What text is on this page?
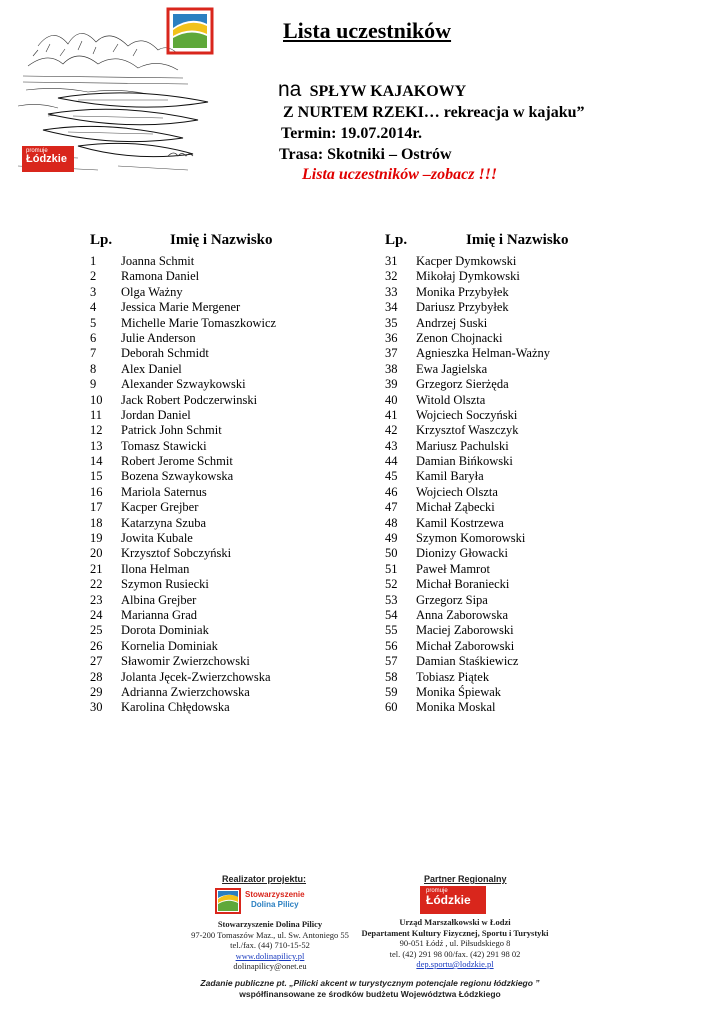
promuje
Łódzkie
Lista uczestników
na SPŁYW KAJAKOWY
Z NURTEM RZEKI… rekreacja w kajaku”
Termin: 19.07.2014r.
Trasa: Skotniki – Ostrów
Lista uczestników –zobacz !!!
Lp.	Imię i Nazwisko	Lp.	Imię i Nazwisko
1 Joanna Schmit
2 Ramona Daniel
3 Olga Ważny
4 Jessica Marie Mergener
5 Michelle Marie Tomaszkowicz
6 Julie Anderson
7 Deborah Schmidt
8 Alex Daniel
9 Alexander Szwaykowski
10 Jack Robert Podczerwinski
11 Jordan Daniel
12 Patrick John Schmit
13 Tomasz Stawicki
14 Robert Jerome Schmit
15 Bozena Szwaykowska
16 Mariola Saternus
17 Kacper Grejber
18 Katarzyna Szuba
19 Jowita Kubale
20 Krzysztof Sobczyński
21 Ilona Helman
22 Szymon Rusiecki
23 Albina Grejber
24 Marianna Grad
25 Dorota Dominiak
26 Kornelia Dominiak
27 Sławomir Zwierzchowski
28 Jolanta Jęcek-Zwierzchowska
29 Adrianna Zwierzchowska
30 Karolina Chłędowska
31 Kacper Dymkowski
32 Mikołaj Dymkowski
33 Monika Przybyłek
34 Dariusz Przybyłek
35 Andrzej Suski
36 Zenon Chojnacki
37 Agnieszka Helman-Ważny
38 Ewa Jagielska
39 Grzegorz Sierżęda
40 Witold Olszta
41 Wojciech Soczyński
42 Krzysztof Waszczyk
43 Mariusz Pachulski
44 Damian Bińkowski
45 Kamil Baryła
46 Wojciech Olszta
47 Michał Ząbecki
48 Kamil Kostrzewa
49 Szymon Komorowski
50 Dionizy Głowacki
51 Paweł Mamrot
52 Michał Boraniecki
53 Grzegorz Sipa
54 Anna Zaborowska
55 Maciej Zaborowski
56 Michał Zaborowski
57 Damian Staśkiewicz
58 Tobiasz Piątek
59 Monika Śpiewak
60 Monika Moskal
Realizator projektu:
Stowarzyszenie
Dolina Pilicy
Stowarzyszenie Dolina Pilicy
97-200 Tomaszów Maz., ul. Sw. Antoniego 55
tel./fax. (44) 710-15-52
www.dolinapilicy.pl
dolinapilicy@onet.eu
Partner Regionalny
promuje
Łódzkie
Urząd Marszałkowski w Łodzi
Departament Kultury Fizycznej, Sportu i Turystyki
90-051 Łódź , ul. Piłsudskiego 8
tel. (42) 291 98 00/fax. (42) 291 98 02
dep.sportu@lodzkie.pl
Zadanie publiczne pt. „Pilicki akcent w turystycznym potencjale regionu łódzkiego ”
współfinansowane ze środków budżetu Województwa Łódzkiego
